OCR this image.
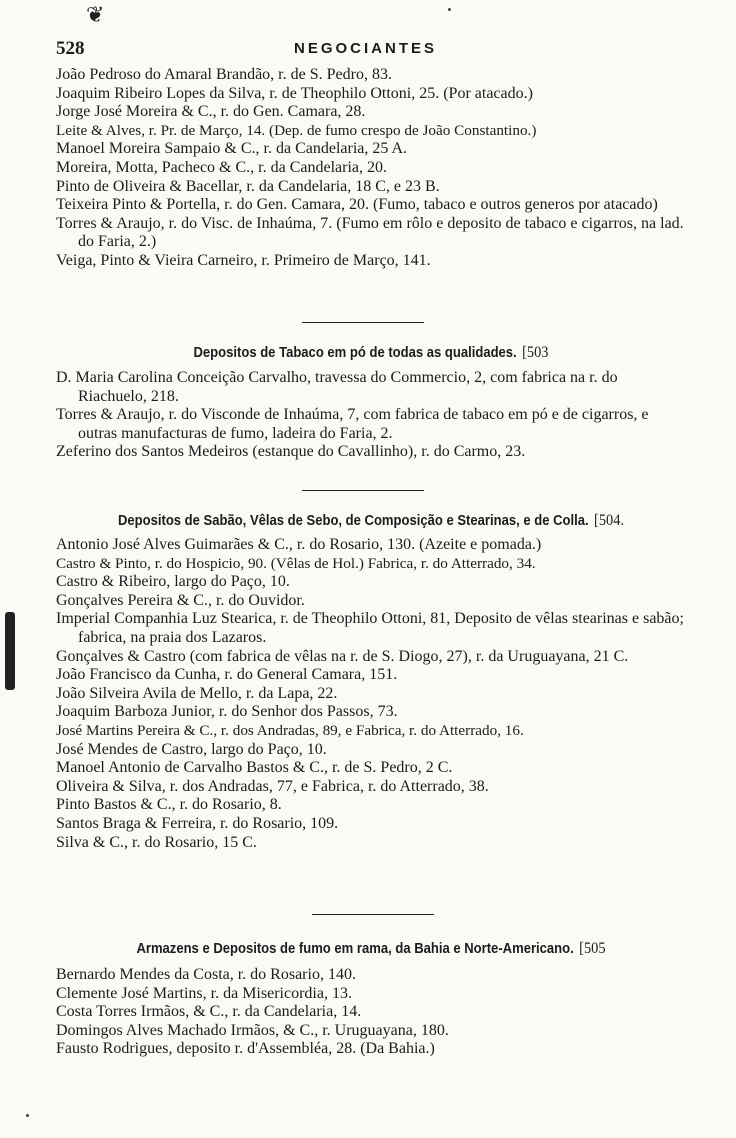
❦
528	NEGOCIANTES
João Pedroso do Amaral Brandão, r. de S. Pedro, 83.
Joaquim Ribeiro Lopes da Silva, r. de Theophilo Ottoni, 25. (Por atacado.)
Jorge José Moreira & C., r. do Gen. Camara, 28.
Leite & Alves, r. Pr. de Março, 14. (Dep. de fumo crespo de João Constantino.)
Manoel Moreira Sampaio & C., r. da Candelaria, 25 A.
Moreira, Motta, Pacheco & C., r. da Candelaria, 20.
Pinto de Oliveira & Bacellar, r. da Candelaria, 18 C, e 23 B.
Teixeira Pinto & Portella, r. do Gen. Camara, 20. (Fumo, tabaco e outros generos por atacado)
Torres & Araujo, r. do Visc. de Inhaúma, 7. (Fumo em rôlo e deposito de tabaco e cigarros, na lad. do Faria, 2.)
Veiga, Pinto & Vieira Carneiro, r. Primeiro de Março, 141.
Depositos de Tabaco em pó de todas as qualidades. [503
D. Maria Carolina Conceição Carvalho, travessa do Commercio, 2, com fabrica na r. do Riachuelo, 218.
Torres & Araujo, r. do Visconde de Inhaúma, 7, com fabrica de tabaco em pó e de cigarros, e outras manufacturas de fumo, ladeira do Faria, 2.
Zeferino dos Santos Medeiros (estanque do Cavallinho), r. do Carmo, 23.
Depositos de Sabão, Vêlas de Sebo, de Composição e Stearinas, e de Colla. [504.
Antonio José Alves Guimarães & C., r. do Rosario, 130. (Azeite e pomada.)
Castro & Pinto, r. do Hospicio, 90. (Vêlas de Hol.) Fabrica, r. do Atterrado, 34.
Castro & Ribeiro, largo do Paço, 10.
Gonçalves Pereira & C., r. do Ouvidor.
Imperial Companhia Luz Stearica, r. de Theophilo Ottoni, 81, Deposito de vêlas stearinas e sabão; fabrica, na praia dos Lazaros.
Gonçalves & Castro (com fabrica de vêlas na r. de S. Diogo, 27), r. da Uruguayana, 21 C.
João Francisco da Cunha, r. do General Camara, 151.
João Silveira Avila de Mello, r. da Lapa, 22.
Joaquim Barboza Junior, r. do Senhor dos Passos, 73.
José Martins Pereira & C., r. dos Andradas, 89, e Fabrica, r. do Atterrado, 16.
José Mendes de Castro, largo do Paço, 10.
Manoel Antonio de Carvalho Bastos & C., r. de S. Pedro, 2 C.
Oliveira & Silva, r. dos Andradas, 77, e Fabrica, r. do Atterrado, 38.
Pinto Bastos & C., r. do Rosario, 8.
Santos Braga & Ferreira, r. do Rosario, 109.
Silva & C., r. do Rosario, 15 C.
Armazens e Depositos de fumo em rama, da Bahia e Norte-Americano. [505
Bernardo Mendes da Costa, r. do Rosario, 140.
Clemente José Martins, r. da Misericordia, 13.
Costa Torres Irmãos, & C., r. da Candelaria, 14.
Domingos Alves Machado Irmãos, & C., r. Uruguayana, 180.
Fausto Rodrigues, deposito r. d'Assembléa, 28. (Da Bahia.)
